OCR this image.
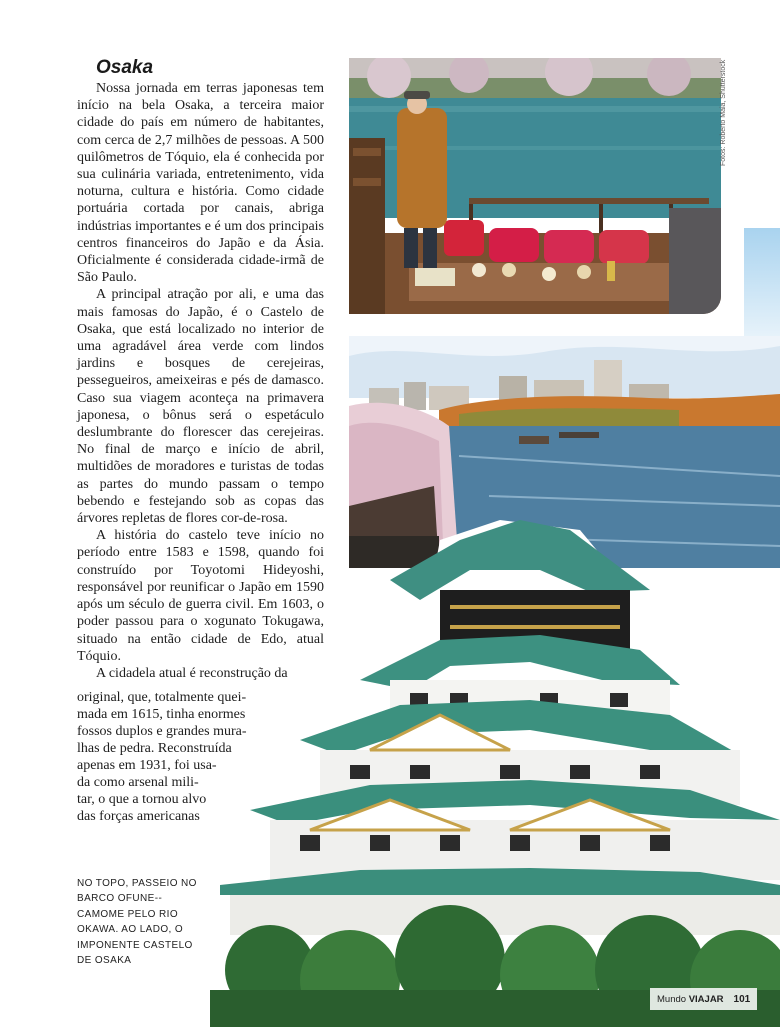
Osaka

Nossa jornada em terras japonesas tem início na bela Osaka, a terceira maior cidade do país em número de habitantes, com cerca de 2,7 milhões de pessoas. A 500 quilômetros de Tóquio, ela é conhecida por sua culinária variada, entretenimento, vida noturna, cultura e história. Como cidade portuária cortada por canais, abriga indústrias importantes e é um dos principais centros financeiros do Japão e da Ásia. Oficialmente é considerada cidade-irmã de São Paulo.

A principal atração por ali, e uma das mais famosas do Japão, é o Castelo de Osaka, que está localizado no interior de uma agradável área verde com lindos jardins e bosques de cerejeiras, pessegueiros, ameixeiras e pés de damasco. Caso sua viagem aconteça na primavera japonesa, o bônus será o espetáculo deslumbrante do florescer das cerejeiras. No final de março e início de abril, multidões de moradores e turistas de todas as partes do mundo passam o tempo bebendo e festejando sob as copas das árvores repletas de flores cor-de-rosa.

A história do castelo teve início no período entre 1583 e 1598, quando foi construído por Toyotomi Hideyoshi, responsável por reunificar o Japão em 1590 após um século de guerra civil. Em 1603, o poder passou para o xogunato Tokugawa, situado na então cidade de Edo, atual Tóquio.

A cidadela atual é reconstrução da

original, que, totalmente quei-
mada em 1615, tinha enormes
fossos duplos e grandes mura-
lhas de pedra. Reconstruída
apenas em 1931, foi usa-
da como arsenal mili-
tar, o que a tornou alvo
das forças americanas
NO TOPO, PASSEIO NO BARCO OFUNE--CAMOME PELO RIO OKAWA. AO LADO, O IMPONENTE CASTELO DE OSAKA
Fotos: Roberto Maia, Shutterstock
Mundo VIAJAR 101
